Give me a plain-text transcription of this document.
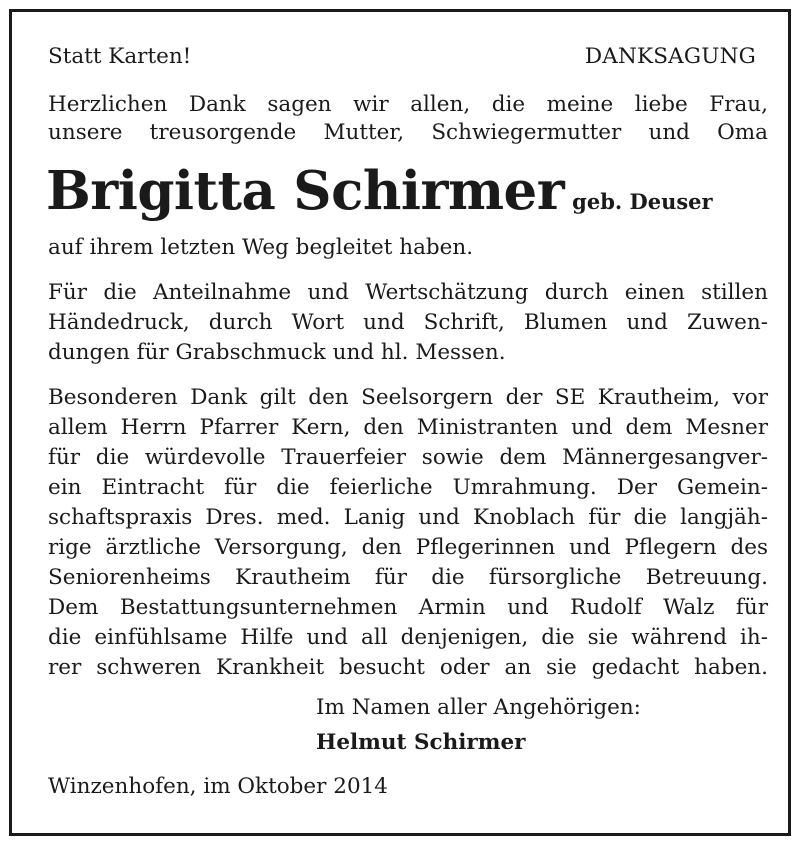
Statt Karten!	DANKSAGUNG
Herzlichen Dank sagen wir allen, die meine liebe Frau,
unsere treusorgende Mutter, Schwiegermutter und Oma
Brigitta Schirmer geb. Deuser
auf ihrem letzten Weg begleitet haben.
Für die Anteilnahme und Wertschätzung durch einen stillen
Händedruck, durch Wort und Schrift, Blumen und Zuwen-
dungen für Grabschmuck und hl. Messen.
Besonderen Dank gilt den Seelsorgern der SE Krautheim, vor
allem Herrn Pfarrer Kern, den Ministranten und dem Mesner
für die würdevolle Trauerfeier sowie dem Männergesangver-
ein Eintracht für die feierliche Umrahmung. Der Gemein-
schaftspraxis Dres. med. Lanig und Knoblach für die langjäh-
rige ärztliche Versorgung, den Pflegerinnen und Pflegern des
Seniorenheims Krautheim für die fürsorgliche Betreuung.
Dem Bestattungsunternehmen Armin und Rudolf Walz für
die einfühlsame Hilfe und all denjenigen, die sie während ih-
rer schweren Krankheit besucht oder an sie gedacht haben.
Im Namen aller Angehörigen:
Helmut Schirmer
Winzenhofen, im Oktober 2014
